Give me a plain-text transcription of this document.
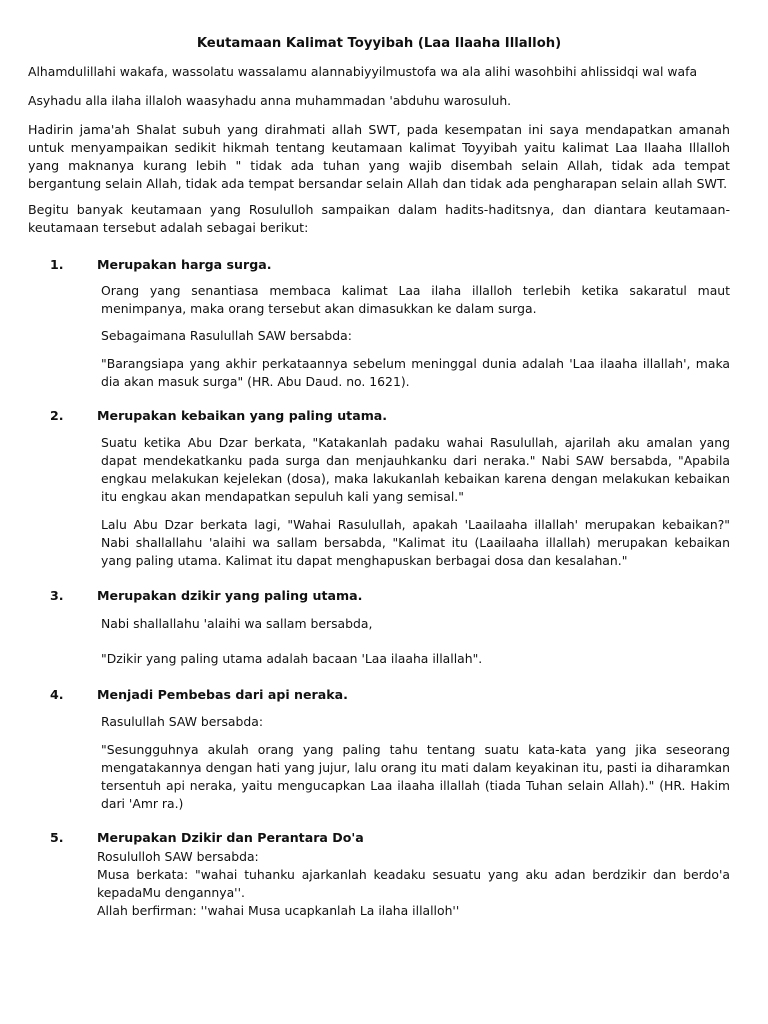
Keutamaan Kalimat Toyyibah (Laa Ilaaha Illalloh)
Alhamdulillahi wakafa, wassolatu wassalamu alannabiyyilmustofa wa ala alihi wasohbihi ahlissidqi wal wafa
Asyhadu alla ilaha illaloh waasyhadu anna muhammadan 'abduhu warosuluh.
Hadirin jama'ah Shalat subuh yang dirahmati allah SWT, pada kesempatan ini saya mendapatkan amanah untuk menyampaikan sedikit hikmah tentang keutamaan kalimat Toyyibah yaitu kalimat Laa Ilaaha Illalloh yang maknanya kurang lebih " tidak ada tuhan yang wajib disembah selain Allah, tidak ada tempat bergantung selain Allah, tidak ada tempat bersandar selain Allah dan tidak ada pengharapan selain allah SWT.
Begitu banyak keutamaan yang Rosululloh sampaikan dalam hadits-haditsnya, dan diantara keutamaan-keutamaan tersebut adalah sebagai berikut:
1.	Merupakan harga surga.
Orang yang senantiasa membaca kalimat Laa ilaha illalloh terlebih ketika sakaratul maut menimpanya, maka orang tersebut akan dimasukkan ke dalam surga.
Sebagaimana Rasulullah SAW bersabda:
"Barangsiapa yang akhir perkataannya sebelum meninggal dunia adalah 'Laa ilaaha illallah', maka dia akan masuk surga" (HR. Abu Daud. no. 1621).
2.	Merupakan kebaikan yang paling utama.
Suatu ketika Abu Dzar berkata, "Katakanlah padaku wahai Rasulullah, ajarilah aku amalan yang dapat mendekatkanku pada surga dan menjauhkanku dari neraka." Nabi SAW bersabda, "Apabila engkau melakukan kejelekan (dosa), maka lakukanlah kebaikan karena dengan melakukan kebaikan itu engkau akan mendapatkan sepuluh kali yang semisal."
Lalu Abu Dzar berkata lagi, "Wahai Rasulullah, apakah 'Laailaaha illallah' merupakan kebaikan?" Nabi shallallahu 'alaihi wa sallam bersabda, "Kalimat itu (Laailaaha illallah) merupakan kebaikan yang paling utama. Kalimat itu dapat menghapuskan berbagai dosa dan kesalahan."
3.	Merupakan dzikir yang paling utama.
Nabi shallallahu 'alaihi wa sallam bersabda,
"Dzikir yang paling utama adalah bacaan 'Laa ilaaha illallah".
4.	Menjadi Pembebas dari api neraka.
Rasulullah SAW bersabda:
"Sesungguhnya akulah orang yang paling tahu tentang suatu kata-kata yang jika seseorang mengatakannya dengan hati yang jujur, lalu orang itu mati dalam keyakinan itu, pasti ia diharamkan tersentuh api neraka, yaitu mengucapkan Laa ilaaha illallah (tiada Tuhan selain Allah)." (HR. Hakim dari 'Amr ra.)
5.	Merupakan Dzikir dan Perantara Do'a
Rosululloh SAW bersabda:
Musa berkata: "wahai tuhanku ajarkanlah keadaku sesuatu yang aku adan berdzikir dan berdo'a kepadaMu dengannya''.
Allah berfirman: ''wahai Musa ucapkanlah La ilaha illalloh''
